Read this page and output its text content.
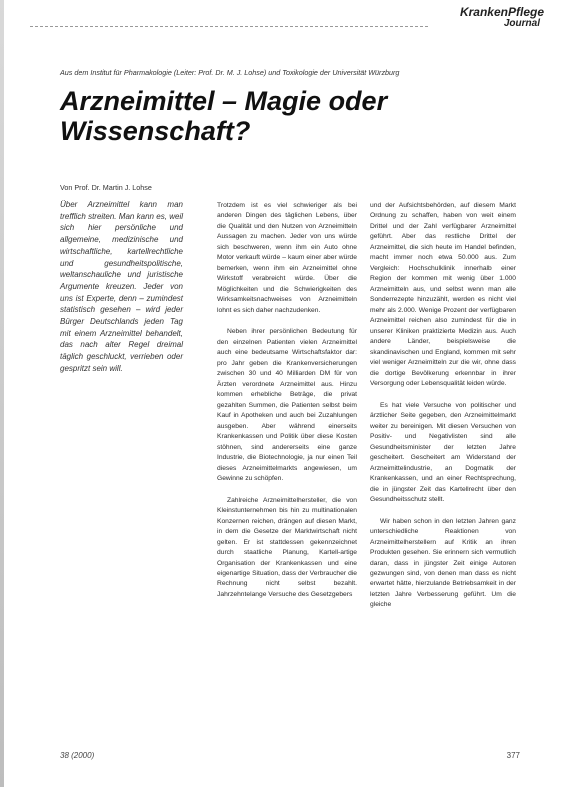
KrankenPflege
Journal
Aus dem Institut für Pharmakologie (Leiter: Prof. Dr. M. J. Lohse) und Toxikologie der Universität Würzburg
Arzneimittel – Magie oder Wissenschaft?
Von Prof. Dr. Martin J. Lohse

Über Arzneimittel kann man trefflich streiten. Man kann es, weil sich hier persönliche und allgemeine, medizinische und wirtschaftliche, kartellrechtliche und gesundheitspolitische, weltanschauliche und juristische Argumente kreuzen. Jeder von uns ist Experte, denn – zumindest statistisch gesehen – wird jeder Bürger Deutschlands jeden Tag mit einem Arzneimittel behandelt, das nach alter Regel dreimal täglich geschluckt, verrieben oder gespritzt sein will.

Trotzdem ist es viel schwieriger als bei anderen Dingen des täglichen Lebens, über die Qualität und den Nutzen von Arzneimitteln Aussagen zu machen. Jeder von uns würde sich beschweren, wenn ihm ein Auto ohne Motor verkauft würde – kaum einer aber würde bemerken, wenn ihm ein Arzneimittel ohne Wirkstoff verabreicht würde. Über die Möglichkeiten und die Schwierigkeiten des Wirksamkeitsnachweises von Arzneimitteln lohnt es sich daher nachzudenken.

Neben ihrer persönlichen Bedeutung für den einzelnen Patienten vielen Arzneimittel auch eine bedeutsame Wirtschaftsfaktor dar: pro Jahr geben die Krankenversicherungen zwischen 30 und 40 Milliarden DM für von Ärzten verordnete Arzneimittel aus. Hinzu kommen erhebliche Beträge, die privat gezahlten Summen, die Patienten selbst beim Kauf in Apotheken und auch bei Zuzahlungen ausgeben. Aber während einerseits Krankenkassen und Politik über diese Kosten stöhnen, sind andererseits eine ganze Industrie, die Biotechnologie, ja nur einen Teil dieses Arzneimittelmarkts angewiesen, um Gewinne zu schöpfen.

Zahlreiche Arzneimittelhersteller, die von Kleinstunternehmen bis hin zu multinationalen Konzernen reichen, drängen auf diesen Markt, in dem die Gesetze der Marktwirtschaft nicht gelten. Er ist stattdessen gekennzeichnet durch staatliche Planung, Kartell-artige Organisation der Krankenkassen und eine eigenartige Situation, dass der Verbraucher die Rechnung nicht selbst bezahlt. Jahrzehntelange Versuche des Gesetzgebers

und der Aufsichtsbehörden, auf diesem Markt Ordnung zu schaffen, haben von weit einem Drittel und der Zahl verfügbarer Arzneimittel geführt. Aber das restliche Drittel der Arzneimittel, die sich heute im Handel befinden, macht immer noch etwa 50.000 aus. Zum Vergleich: Hochschulklinik innerhalb einer Region der kommen mit wenig über 1.000 Arzneimitteln aus, und selbst wenn man alle Sonderrezepte hinzuzählt, werden es nicht viel mehr als 2.000. Wenige Prozent der verfügbaren Arzneimittel reichen also zumindest für die in unserer Kliniken praktizierte Medizin aus. Auch andere Länder, beispielsweise die skandinavischen und England, kommen mit sehr viel weniger Arzneimitteln zur die wir, ohne dass die dortige Bevölkerung erkennbar in ihrer Versorgung oder Lebensqualität leiden würde.

Es hat viele Versuche von politischer und ärztlicher Seite gegeben, den Arzneimittelmarkt weiter zu bereinigen. Mit diesen Versuchen von Positiv- und Negativlisten sind alle Gesundheitsminister der letzten Jahre gescheitert. Gescheitert am Widerstand der Arzneimittelindustrie, an Dogmatik der Krankenkassen, und an einer Rechtsprechung, die in jüngster Zeit das Kartellrecht über den Gesundheitsschutz stellt.

Wir haben schon in den letzten Jahren ganz unterschiedliche Reaktionen von Arzneimittelherstellern auf Kritik an ihren Produkten gesehen. Sie erinnern sich vermutlich daran, dass in jüngster Zeit einige Autoren gezwungen sind, von denen man dass es nicht erwartet hätte, hierzulande Betriebsamkeit in der letzten Jahre Verbesserung geführt. Um die gleiche

38 (2000)	377
